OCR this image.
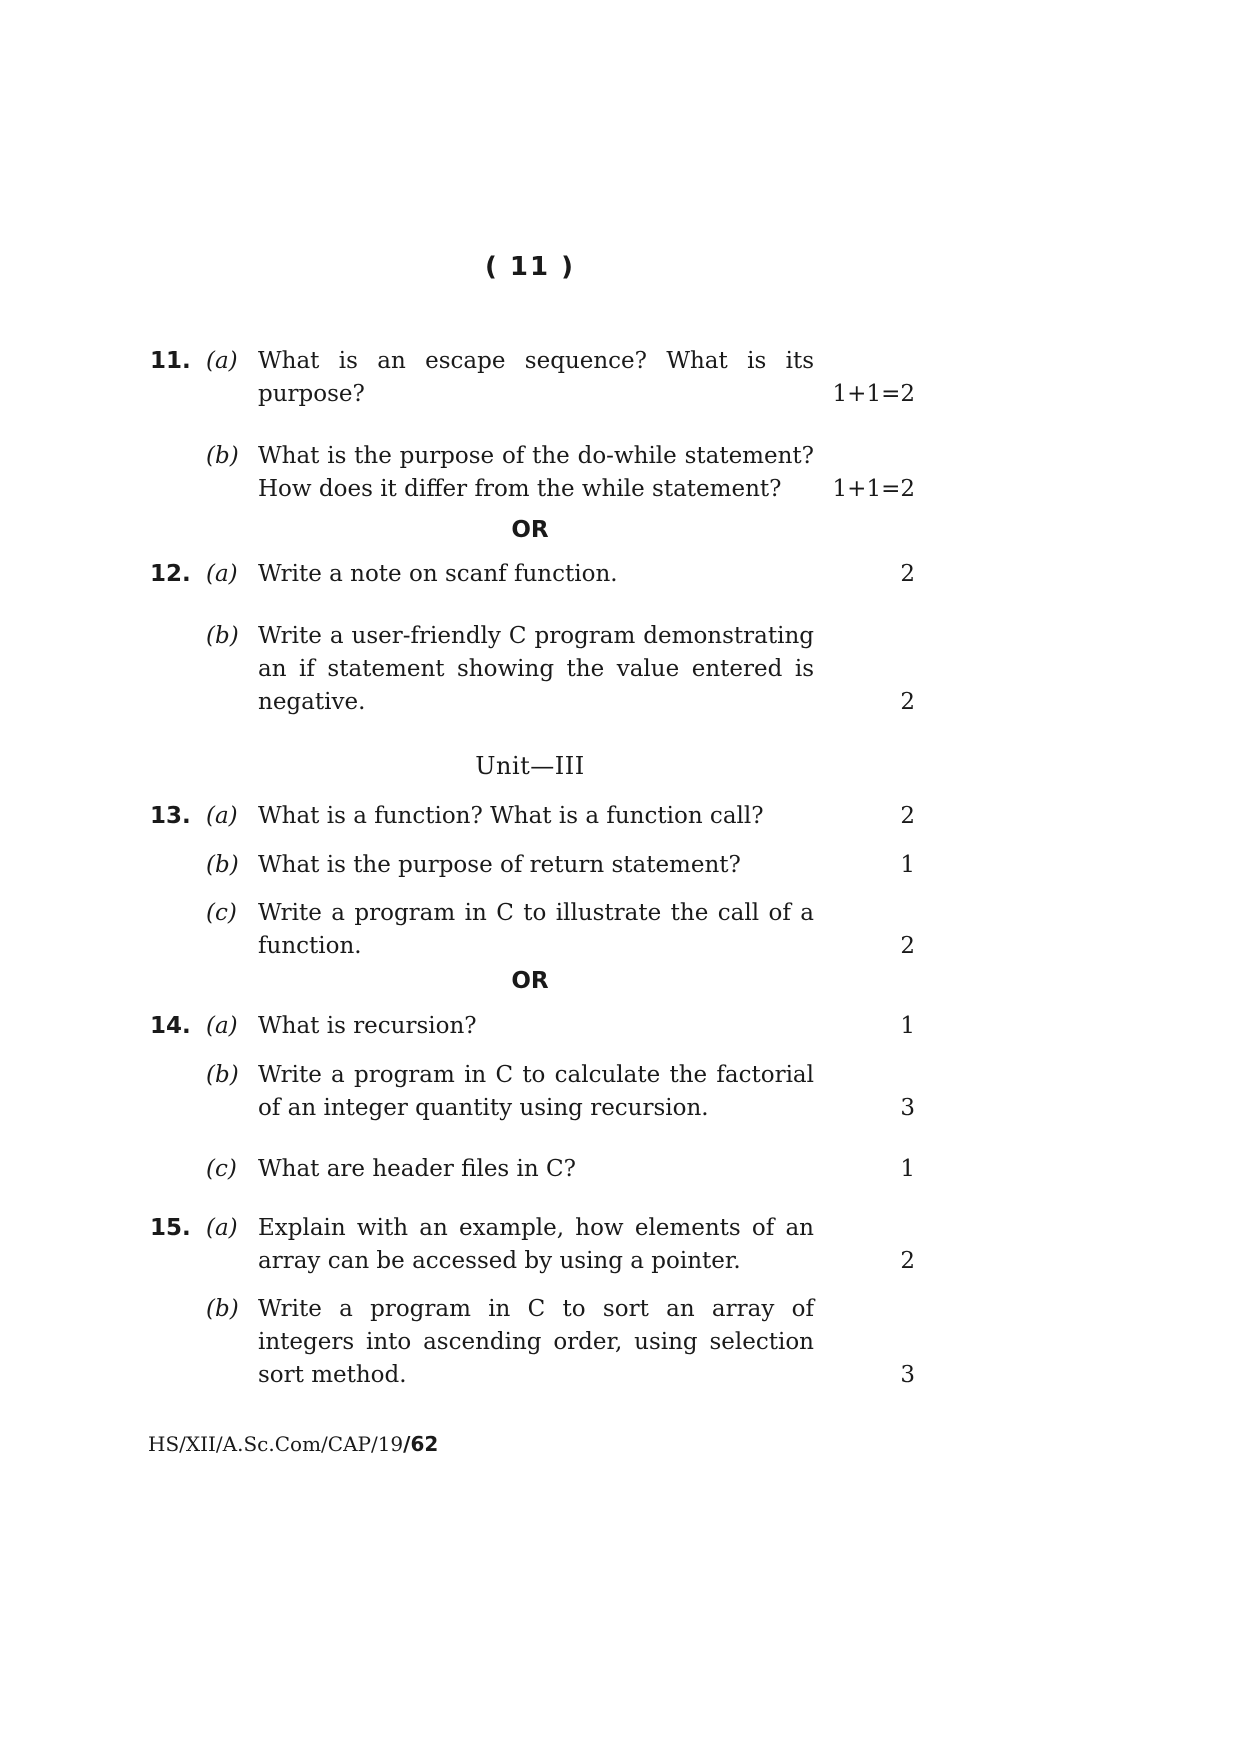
( 11 )
11. (a) What is an escape sequence? What is its purpose?	1+1=2
(b) What is the purpose of the do-while statement? How does it differ from the while statement?	1+1=2
OR
12. (a) Write a note on scanf function.	2
(b) Write a user-friendly C program demonstrating an if statement showing the value entered is negative.	2
Unit—III
13. (a) What is a function? What is a function call?	2
(b) What is the purpose of return statement?	1
(c) Write a program in C to illustrate the call of a function.	2
OR
14. (a) What is recursion?	1
(b) Write a program in C to calculate the factorial of an integer quantity using recursion.	3
(c) What are header files in C?	1
15. (a) Explain with an example, how elements of an array can be accessed by using a pointer.	2
(b) Write a program in C to sort an array of integers into ascending order, using selection sort method.	3
HS/XII/A.Sc.Com/CAP/19/62
